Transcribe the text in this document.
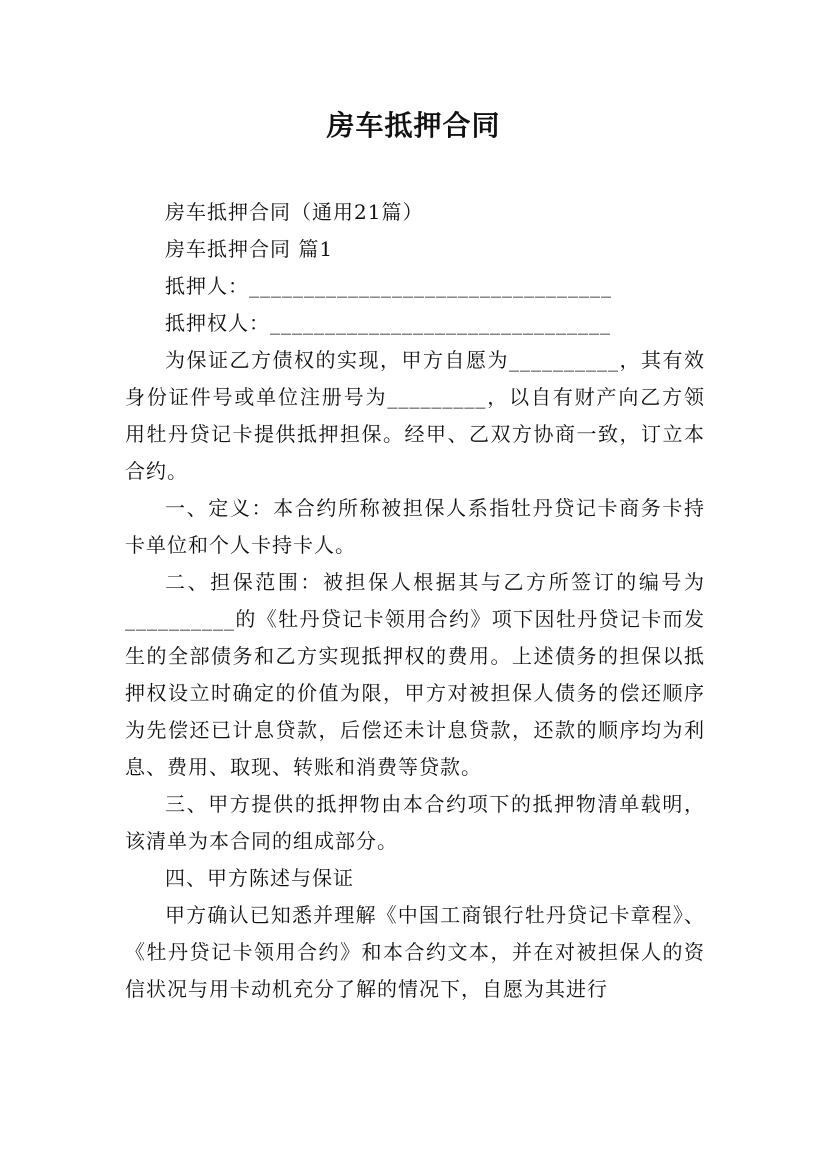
房车抵押合同

房车抵押合同（通用21篇）

房车抵押合同 篇1

抵押人：_________________________________

抵押权人：_______________________________

为保证乙方债权的实现，甲方自愿为__________，其有效身份证件号或单位注册号为_________，以自有财产向乙方领用牡丹贷记卡提供抵押担保。经甲、乙双方协商一致，订立本合约。

一、定义：本合约所称被担保人系指牡丹贷记卡商务卡持卡单位和个人卡持卡人。

二、担保范围：被担保人根据其与乙方所签订的编号为__________的《牡丹贷记卡领用合约》项下因牡丹贷记卡而发生的全部债务和乙方实现抵押权的费用。上述债务的担保以抵押权设立时确定的价值为限，甲方对被担保人债务的偿还顺序为先偿还已计息贷款，后偿还未计息贷款，还款的顺序均为利息、费用、取现、转账和消费等贷款。

三、甲方提供的抵押物由本合约项下的抵押物清单载明，该清单为本合同的组成部分。

四、甲方陈述与保证

甲方确认已知悉并理解《中国工商银行牡丹贷记卡章程》、《牡丹贷记卡领用合约》和本合约文本，并在对被担保人的资信状况与用卡动机充分了解的情况下，自愿为其进行
